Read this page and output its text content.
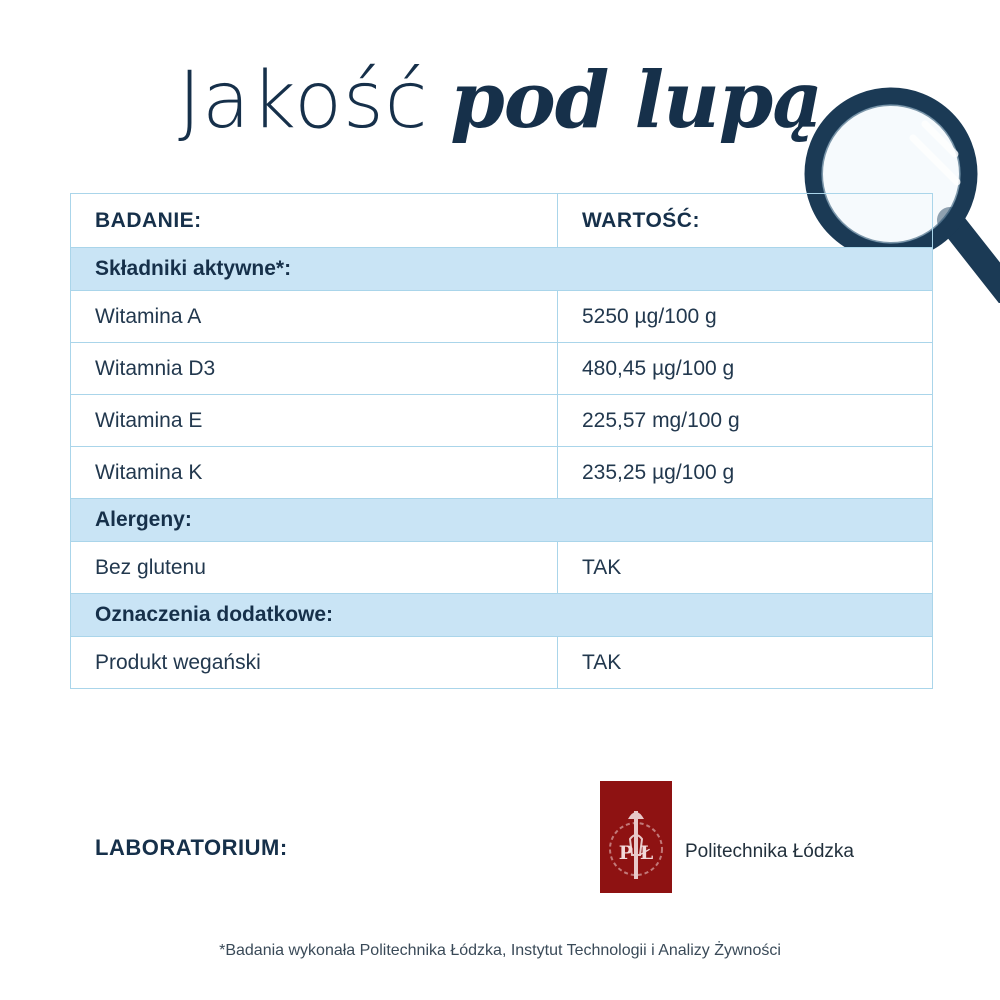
Jakość pod lupą
BADANIE:	WARTOŚĆ:
Składniki aktywne*:	
Witamina A	5250 µg/100 g
Witamnia D3	480,45 µg/100 g
Witamina E	225,57 mg/100 g
Witamina K	235,25 µg/100 g
Alergeny:	
Bez glutenu	TAK
Oznaczenia dodatkowe:	
Produkt wegański	TAK
LABORATORIUM:	P Ł Politechnika Łódzka
*Badania wykonała Politechnika Łódzka, Instytut Technologii i Analizy Żywności
